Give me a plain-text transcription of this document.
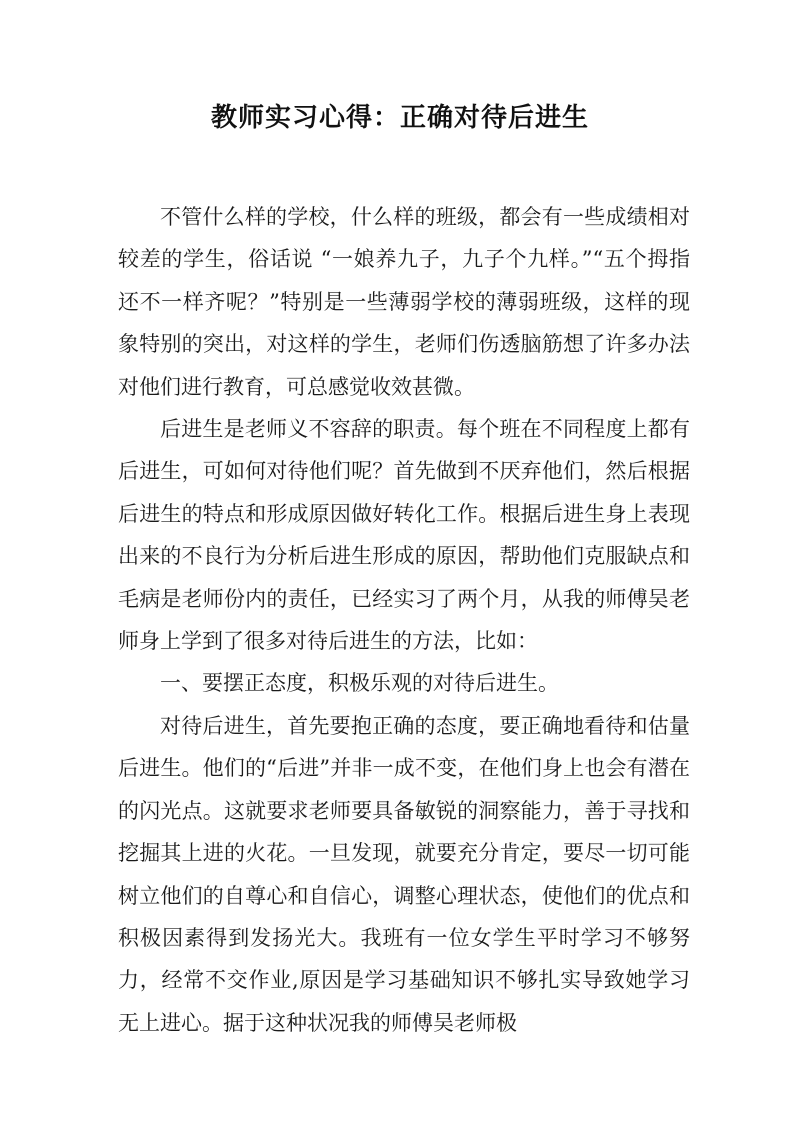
教师实习心得：正确对待后进生

不管什么样的学校，什么样的班级，都会有一些成绩相对较差的学生，俗话说 “一娘养九子，九子个九样。”“五个拇指还不一样齐呢？”特别是一些薄弱学校的薄弱班级，这样的现象特别的突出，对这样的学生，老师们伤透脑筋想了许多办法对他们进行教育，可总感觉收效甚微。

后进生是老师义不容辞的职责。每个班在不同程度上都有后进生，可如何对待他们呢？首先做到不厌弃他们，然后根据后进生的特点和形成原因做好转化工作。根据后进生身上表现出来的不良行为分析后进生形成的原因，帮助他们克服缺点和毛病是老师份内的责任，已经实习了两个月，从我的师傅吴老师身上学到了很多对待后进生的方法，比如：

一、要摆正态度，积极乐观的对待后进生。

对待后进生，首先要抱正确的态度，要正确地看待和估量后进生。他们的“后进”并非一成不变，在他们身上也会有潜在的闪光点。这就要求老师要具备敏锐的洞察能力，善于寻找和挖掘其上进的火花。一旦发现，就要充分肯定，要尽一切可能树立他们的自尊心和自信心，调整心理状态，使他们的优点和积极因素得到发扬光大。我班有一位女学生平时学习不够努力，经常不交作业,原因是学习基础知识不够扎实导致她学习无上进心。据于这种状况我的师傅吴老师极
